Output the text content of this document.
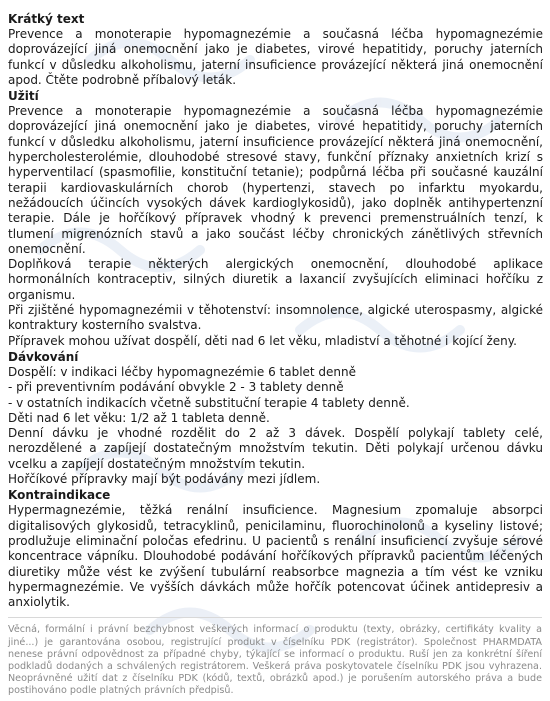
Krátký text

Prevence a monoterapie hypomagnezémie a současná léčba hypomagnezémie doprovázející jiná onemocnění jako je diabetes, virové hepatitidy, poruchy jaterních funkcí v důsledku alkoholismu, jaterní insuficience provázející některá jiná onemocnění apod. Čtěte podrobně příbalový leták.

Užití

Prevence a monoterapie hypomagnezémie a současná léčba hypomagnezémie doprovázející jiná onemocnění jako je diabetes, virové hepatitidy, poruchy jaterních funkcí v důsledku alkoholismu, jaterní insuficience provázející některá jiná onemocnění, hypercholesterolémie, dlouhodobé stresové stavy, funkční příznaky anxietních krizí s hyperventilací (spasmofilie, konstituční tetanie); podpůrná léčba při současné kauzální terapii kardiovaskulárních chorob (hypertenzi, stavech po infarktu myokardu, nežádoucích účincích vysokých dávek kardioglykosidů), jako doplněk antihypertenzní terapie. Dále je hořčíkový přípravek vhodný k prevenci premenstruálních tenzí, k tlumení migrenózních stavů a jako součást léčby chronických zánětlivých střevních onemocnění.

Doplňková terapie některých alergických onemocnění, dlouhodobé aplikace hormonálních kontraceptiv, silných diuretik a laxancií zvyšujících eliminaci hořčíku z organismu.

Při zjištěné hypomagnezémii v těhotenství: insomnolence, algické uterospasmy, algické kontraktury kosterního svalstva.

Přípravek mohou užívat dospělí, děti nad 6 let věku, mladiství a těhotné i kojící ženy.

Dávkování

Dospělí: v indikaci léčby hypomagnezémie 6 tablet denně

- při preventivním podávání obvykle 2 - 3 tablety denně

- v ostatních indikacích včetně substituční terapie 4 tablety denně.

Děti nad 6 let věku: 1/2 až 1 tableta denně.

Denní dávku je vhodné rozdělit do 2 až 3 dávek. Dospělí polykají tablety celé, nerozdělené a zapíjejí dostatečným množstvím tekutin. Děti polykají určenou dávku vcelku a zapíjejí dostatečným množstvím tekutin.

Hořčíkové přípravky mají být podávány mezi jídlem.

Kontraindikace

Hypermagnezémie, těžká renální insuficience. Magnesium zpomaluje absorpci digitalisových glykosidů, tetracyklinů, penicilaminu, fluorochinolonů a kyseliny listové; prodlužuje eliminační poločas efedrinu. U pacientů s renální insuficiencí zvyšuje sérové koncentrace vápníku. Dlouhodobé podávání hořčíkových přípravků pacientům léčených diuretiky může vést ke zvýšení tubulární reabsorbce magnezia a tím vést ke vzniku hypermagnezémie. Ve vyšších dávkách může hořčík potencovat účinek antidepresiv a anxiolytik.

Věcná, formální i právní bezchybnost veškerých informací o produktu (texty, obrázky, certifikáty kvality a jiné...) je garantována osobou, registrující produkt v číselníku PDK (registrátor). Společnost PHARMDATA nenese právní odpovědnost za případné chyby, týkající se informací o produktu. Ruší jen za konkrétní šíření podkladů dodaných a schválených registrátorem. Veškerá práva poskytovatele číselníku PDK jsou vyhrazena. Neoprávněné užití dat z číselníku PDK (kódů, textů, obrázků apod.) je porušením autorského práva a bude postihováno podle platných právních předpisů.
